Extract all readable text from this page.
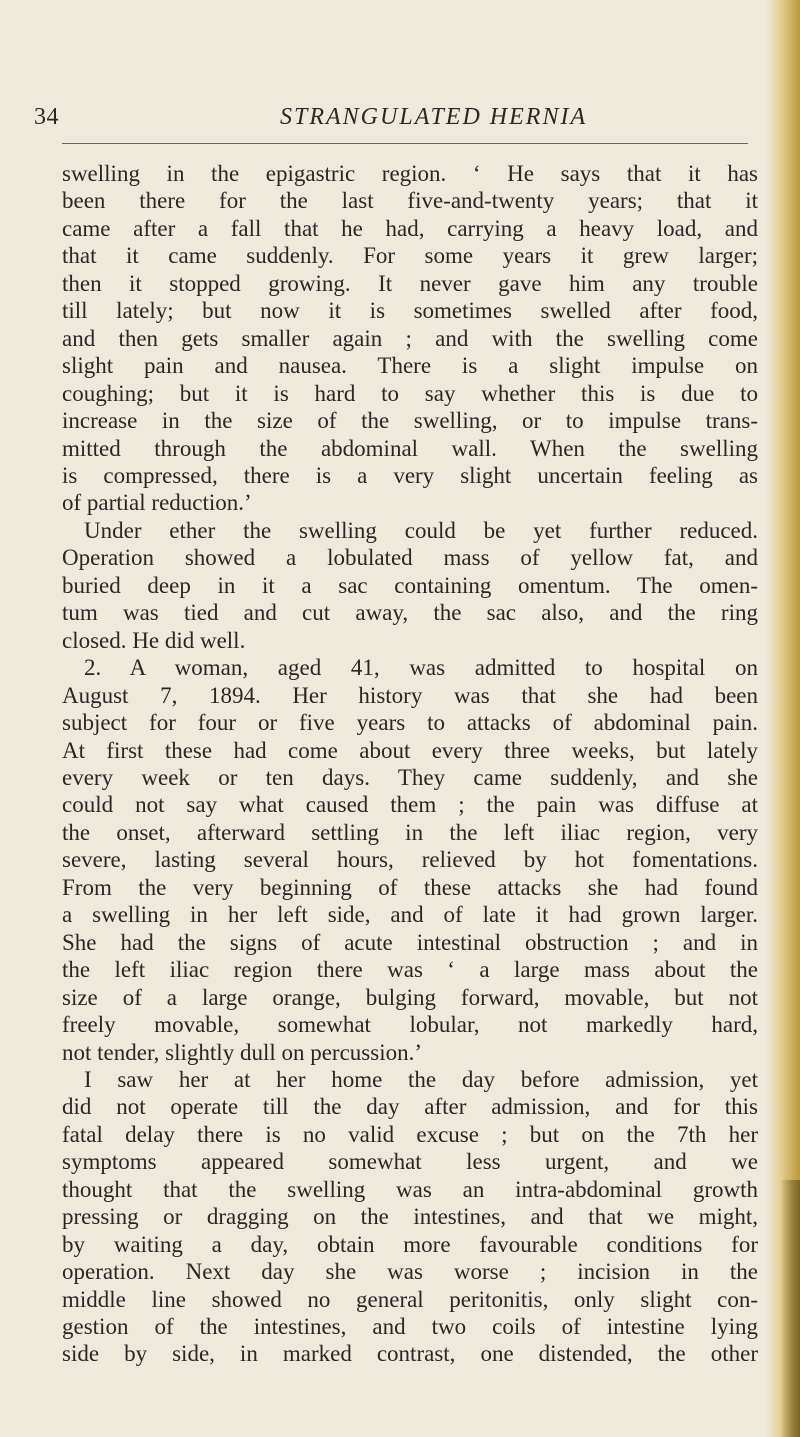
34	STRANGULATED HERNIA
swelling in the epigastric region. ‘ He says that it has
been there for the last five-and-twenty years; that it
came after a fall that he had, carrying a heavy load, and
that it came suddenly. For some years it grew larger;
then it stopped growing. It never gave him any trouble
till lately; but now it is sometimes swelled after food,
and then gets smaller again ; and with the swelling come
slight pain and nausea. There is a slight impulse on
coughing; but it is hard to say whether this is due to
increase in the size of the swelling, or to impulse trans-
mitted through the abdominal wall. When the swelling
is compressed, there is a very slight uncertain feeling as
of partial reduction.’
Under ether the swelling could be yet further reduced.
Operation showed a lobulated mass of yellow fat, and
buried deep in it a sac containing omentum. The omen-
tum was tied and cut away, the sac also, and the ring
closed. He did well.
2. A woman, aged 41, was admitted to hospital on
August 7, 1894. Her history was that she had been
subject for four or five years to attacks of abdominal pain.
At first these had come about every three weeks, but lately
every week or ten days. They came suddenly, and she
could not say what caused them ; the pain was diffuse at
the onset, afterward settling in the left iliac region, very
severe, lasting several hours, relieved by hot fomentations.
From the very beginning of these attacks she had found
a swelling in her left side, and of late it had grown larger.
She had the signs of acute intestinal obstruction ; and in
the left iliac region there was ‘ a large mass about the
size of a large orange, bulging forward, movable, but not
freely movable, somewhat lobular, not markedly hard,
not tender, slightly dull on percussion.’
I saw her at her home the day before admission, yet
did not operate till the day after admission, and for this
fatal delay there is no valid excuse ; but on the 7th her
symptoms appeared somewhat less urgent, and we
thought that the swelling was an intra-abdominal growth
pressing or dragging on the intestines, and that we might,
by waiting a day, obtain more favourable conditions for
operation. Next day she was worse ; incision in the
middle line showed no general peritonitis, only slight con-
gestion of the intestines, and two coils of intestine lying
side by side, in marked contrast, one distended, the other
